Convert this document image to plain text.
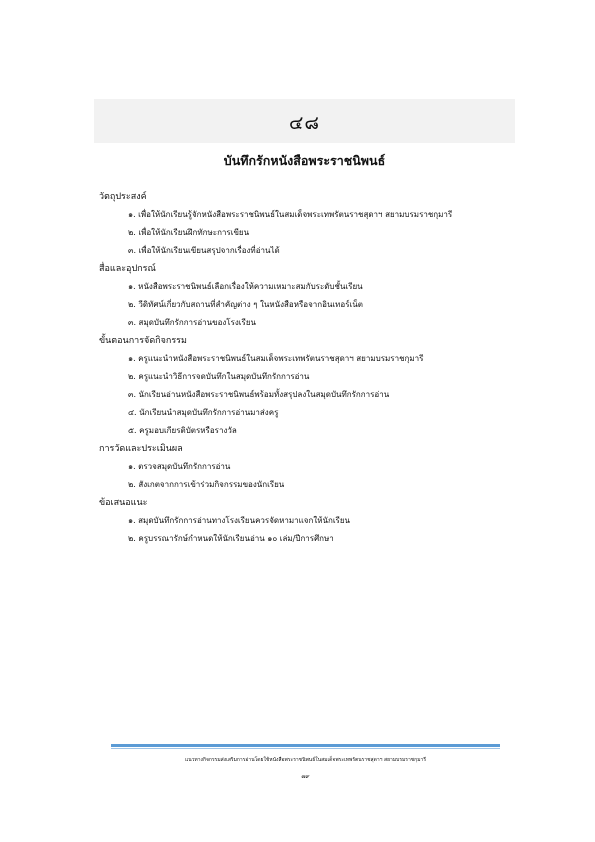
๔๘
บันทึกรักหนังสือพระราชนิพนธ์
วัตถุประสงค์
๑. เพื่อให้นักเรียนรู้จักหนังสือพระราชนิพนธ์ในสมเด็จพระเทพรัตนราชสุดาฯ สยามบรมราชกุมารี
๒. เพื่อให้นักเรียนฝึกทักษะการเขียน
๓. เพื่อให้นักเรียนเขียนสรุปจากเรื่องที่อ่านได้
สื่อและอุปกรณ์
๑. หนังสือพระราชนิพนธ์เลือกเรื่องให้ความเหมาะสมกับระดับชั้นเรียน
๒. วีดิทัศน์เกี่ยวกับสถานที่สำคัญต่าง ๆ ในหนังสือหรือจากอินเทอร์เน็ต
๓. สมุดบันทึกรักการอ่านของโรงเรียน
ขั้นตอนการจัดกิจกรรม
๑. ครูแนะนำหนังสือพระราชนิพนธ์ในสมเด็จพระเทพรัตนราชสุดาฯ สยามบรมราชกุมารี
๒. ครูแนะนำวิธีการจดบันทึกในสมุดบันทึกรักการอ่าน
๓. นักเรียนอ่านหนังสือพระราชนิพนธ์พร้อมทั้งสรุปลงในสมุดบันทึกรักการอ่าน
๔. นักเรียนนำสมุดบันทึกรักการอ่านมาส่งครู
๕. ครูมอบเกียรติบัตรหรือรางวัล
การวัดและประเมินผล
๑. ตรวจสมุดบันทึกรักการอ่าน
๒. สังเกตจากการเข้าร่วมกิจกรรมของนักเรียน
ข้อเสนอแนะ
๑. สมุดบันทึกรักการอ่านทางโรงเรียนควรจัดหามาแจกให้นักเรียน
๒. ครูบรรณารักษ์กำหนดให้นักเรียนอ่าน ๑๐ เล่ม/ปีการศึกษา
แนวทางกิจกรรมส่งเสริมการอ่านโดยใช้หนังสือพระราชนิพนธ์ในสมเด็จพระเทพรัตนราชสุดาฯ สยามบรมราชกุมารี
๗๙
